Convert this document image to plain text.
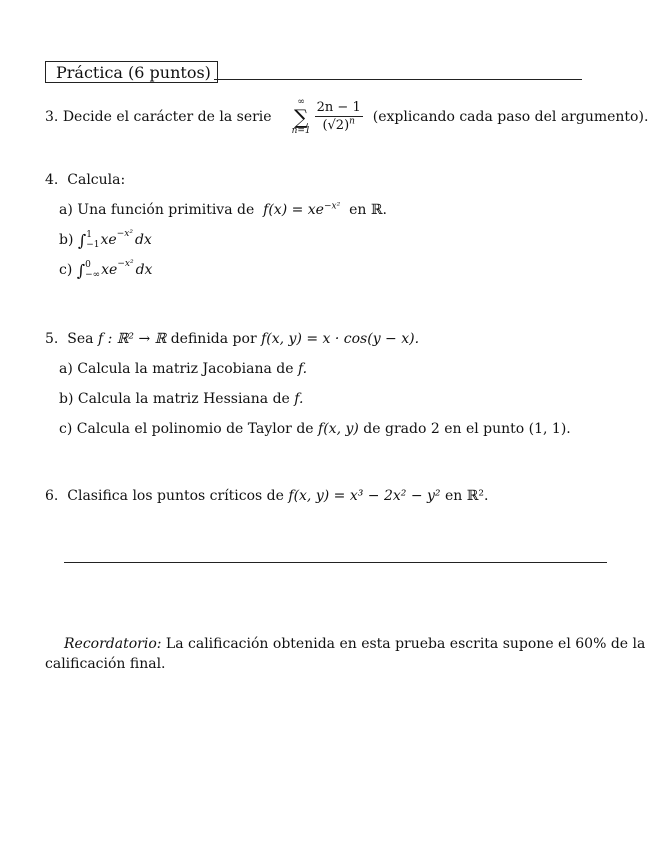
Práctica (6 puntos)
3.
Decide el carácter de la serie
∞
∑
$n=1 \frac{2n - 1}{(√2)^n}$ (explicando cada paso del argumento).
4. Calcula:
a) Una función primitiva de $f(x) = xe^{-x^2}$ en ℝ.
b)
∫ 1
−1 $xe^{-x^2}$ dx
c)
∫ 0
−∞ $xe^{-x^2}$ dx
5. Sea f : ℝ² → ℝ definida por f(x, y) = x · cos(y − x).
a) Calcula la matriz Jacobiana de f.
b) Calcula la matriz Hessiana de f.
c) Calcula el polinomio de Taylor de f(x, y) de grado 2 en el punto (1, 1).
6. Clasifica los puntos críticos de f(x, y) = x³ − 2x² − y² en ℝ².
Recordatorio: La calificación obtenida en esta prueba escrita supone el 60% de la
calificación final.
